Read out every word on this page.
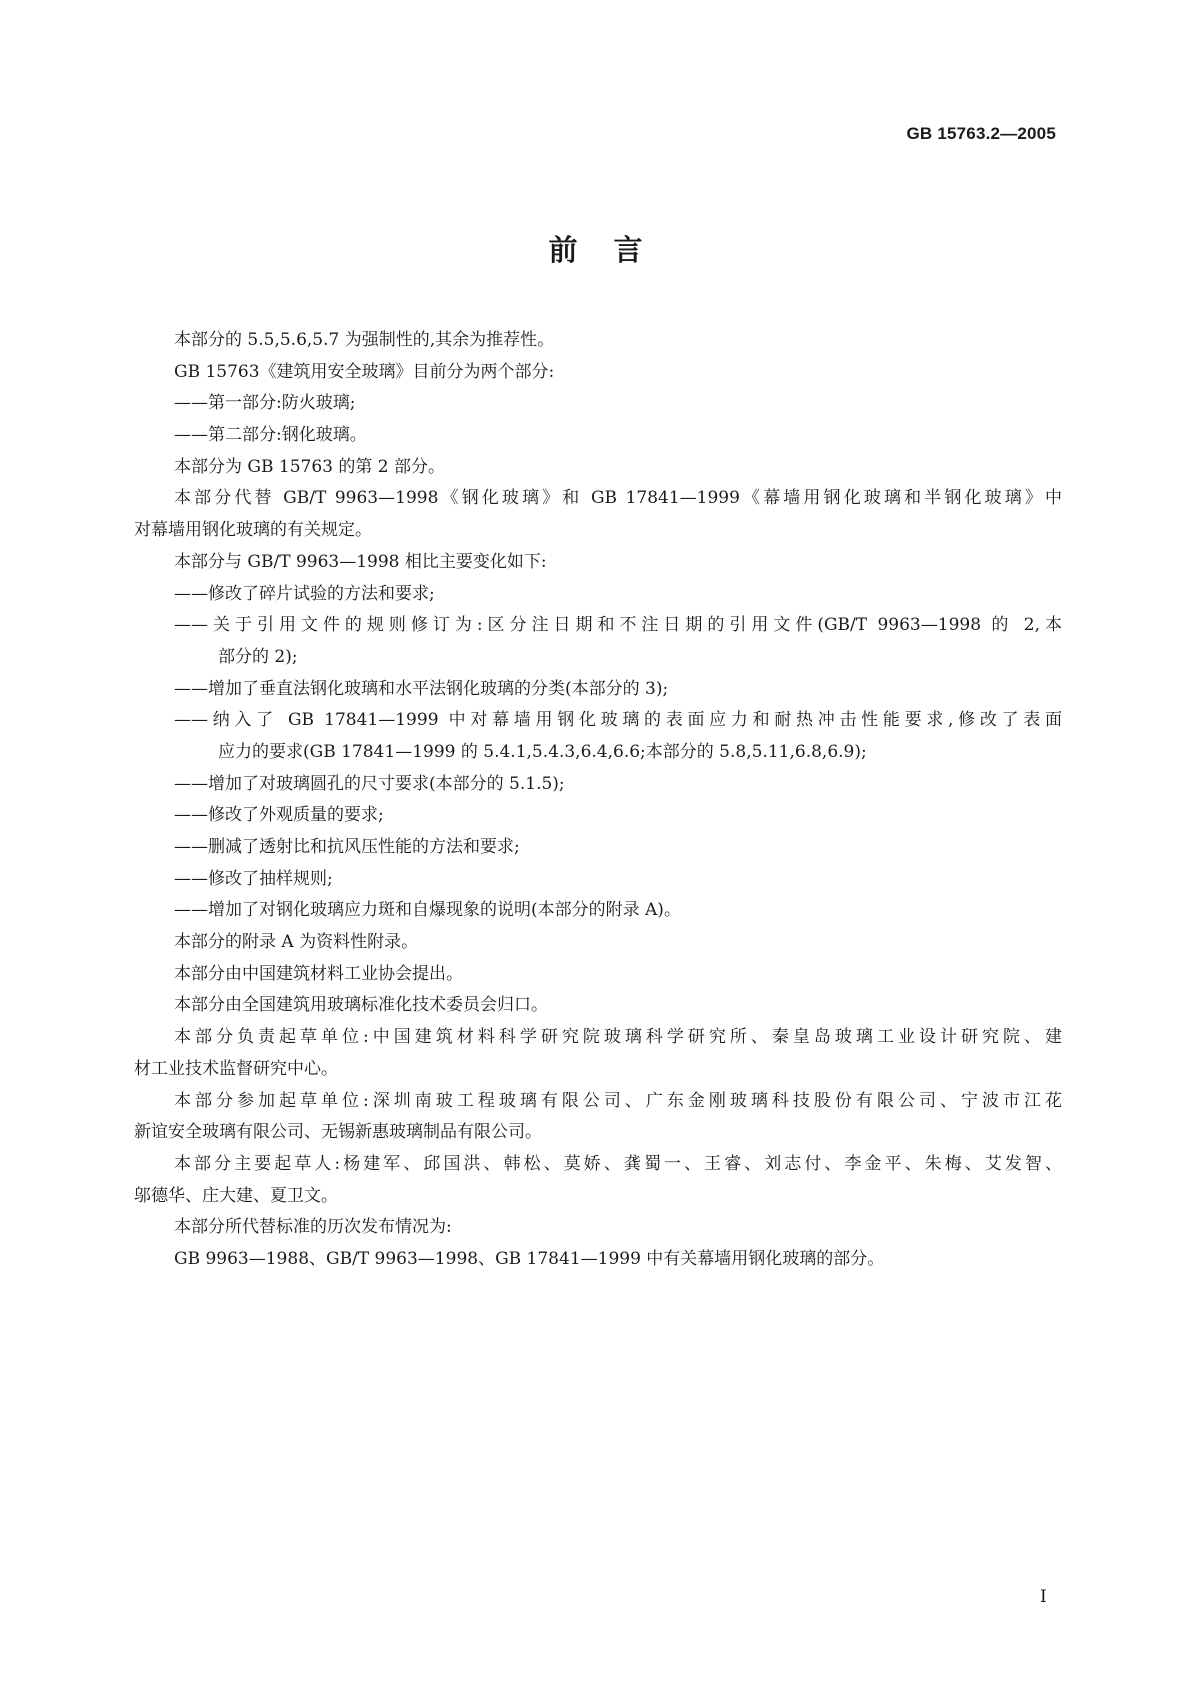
GB 15763.2—2005
前言
本部分的 5.5,5.6,5.7 为强制性的,其余为推荐性。
GB 15763《建筑用安全玻璃》目前分为两个部分:
——第一部分:防火玻璃;
——第二部分:钢化玻璃。
本部分为 GB 15763 的第 2 部分。
本部分代替 GB/T 9963—1998《钢化玻璃》和 GB 17841—1999《幕墙用钢化玻璃和半钢化玻璃》中
对幕墙用钢化玻璃的有关规定。
本部分与 GB/T 9963—1998 相比主要变化如下:
——修改了碎片试验的方法和要求;
——关于引用文件的规则修订为:区分注日期和不注日期的引用文件(GB/T 9963—1998 的 2,本
部分的 2);
——增加了垂直法钢化玻璃和水平法钢化玻璃的分类(本部分的 3);
——纳入了 GB 17841—1999 中对幕墙用钢化玻璃的表面应力和耐热冲击性能要求,修改了表面
应力的要求(GB 17841—1999 的 5.4.1,5.4.3,6.4,6.6;本部分的 5.8,5.11,6.8,6.9);
——增加了对玻璃圆孔的尺寸要求(本部分的 5.1.5);
——修改了外观质量的要求;
——删减了透射比和抗风压性能的方法和要求;
——修改了抽样规则;
——增加了对钢化玻璃应力斑和自爆现象的说明(本部分的附录 A)。
本部分的附录 A 为资料性附录。
本部分由中国建筑材料工业协会提出。
本部分由全国建筑用玻璃标准化技术委员会归口。
本部分负责起草单位:中国建筑材料科学研究院玻璃科学研究所、秦皇岛玻璃工业设计研究院、建
材工业技术监督研究中心。
本部分参加起草单位:深圳南玻工程玻璃有限公司、广东金刚玻璃科技股份有限公司、宁波市江花
新谊安全玻璃有限公司、无锡新惠玻璃制品有限公司。
本部分主要起草人:杨建军、邱国洪、韩松、莫娇、龚蜀一、王睿、刘志付、李金平、朱梅、艾发智、
邬德华、庄大建、夏卫文。
本部分所代替标准的历次发布情况为:
GB 9963—1988、GB/T 9963—1998、GB 17841—1999 中有关幕墙用钢化玻璃的部分。
I
